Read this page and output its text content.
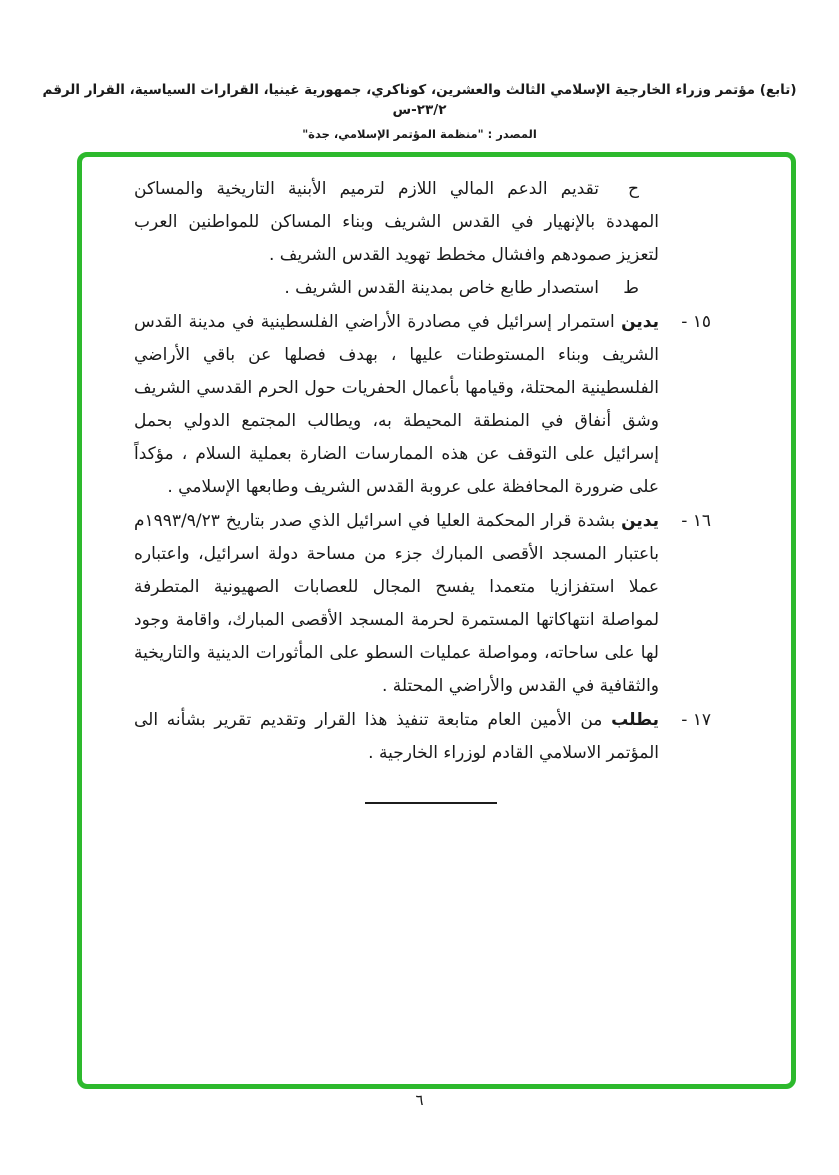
(تابع) مؤتمر وزراء الخارجية الإسلامي الثالث والعشرين، كوناكري، جمهورية غينيا، القرارات السياسية، القرار الرقم ٢٣/٢-س
المصدر : "منظمة المؤتمر الإسلامي، جدة"
ح

تقديم الدعم المالي اللازم لترميم الأبنية التاريخية والمساكن المهددة بالإنهيار في القدس الشريف وبناء المساكن للمواطنين العرب لتعزيز صمودهم وافشال مخطط تهويد القدس الشريف .

ط

استصدار طابع خاص بمدينة القدس الشريف .

١٥ -

يدين استمرار إسرائيل في مصادرة الأراضي الفلسطينية في مدينة القدس الشريف وبناء المستوطنات عليها ، بهدف فصلها عن باقي الأراضي الفلسطينية المحتلة، وقيامها بأعمال الحفريات حول الحرم القدسي الشريف وشق أنفاق في المنطقة المحيطة به، ويطالب المجتمع الدولي بحمل إسرائيل على التوقف عن هذه الممارسات الضارة بعملية السلام ، مؤكداً على ضرورة المحافظة على عروبة القدس الشريف وطابعها الإسلامي .

١٦ -

يدين بشدة قرار المحكمة العليا في اسرائيل الذي صدر بتاريخ ١٩٩٣/٩/٢٣م باعتبار المسجد الأقصى المبارك جزء من مساحة دولة اسرائيل، واعتباره عملا استفزازيا متعمدا يفسح المجال للعصابات الصهيونية المتطرفة لمواصلة انتهاكاتها المستمرة لحرمة المسجد الأقصى المبارك، واقامة وجود لها على ساحاته، ومواصلة عمليات السطو على المأثورات الدينية والتاريخية والثقافية في القدس والأراضي المحتلة .

١٧ -

يطلب من الأمين العام متابعة تنفيذ هذا القرار وتقديم تقرير بشأنه الى المؤتمر الاسلامي القادم لوزراء الخارجية .

٦
